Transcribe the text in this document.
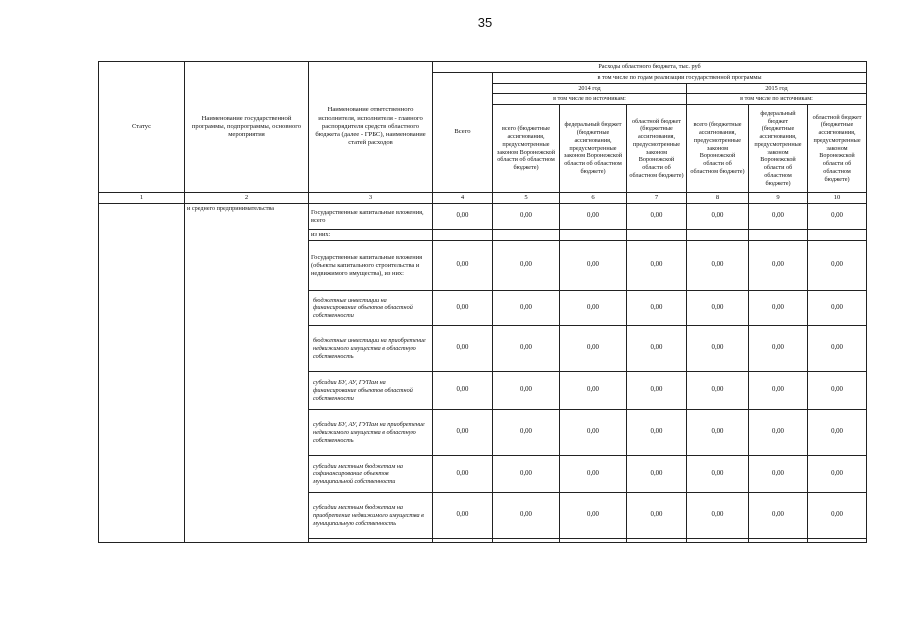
35
Статус	Наименование государственной программы, подпрограммы, основного мероприятия	Наименование ответственного исполнителя, исполнителя - главного распорядителя средств областного бюджета (далее - ГРБС), наименование статей расходов	Расходы областного бюджета, тыс. руб						
			Всего	в том числе по годам реализации государственной программы					
				2014 год			2015 год		
				в том числе по источникам:			в том числе по источникам:		
				всего (бюджетные ассигнования, предусмотренные законом Воронежской области об областном бюджете)	федеральный бюджет (бюджетные ассигнования, предусмотренные законом Воронежской области об областном бюджете)	областной бюджет (бюджетные ассигнования, предусмотренные законом Воронежской области об областном бюджете)	всего (бюджетные ассигнования, предусмотренные законом Воронежской области об областном бюджете)	федеральный бюджет (бюджетные ассигнования, предусмотренные законом Воронежской области об областном бюджете)	областной бюджет (бюджетные ассигнования, предусмотренные законом Воронежской области об областном бюджете)
1	2	3	4	5	6	7	8	9	10
	и среднего предпринимательства	Государственные капитальные вложения, всего	0,00	0,00	0,00	0,00	0,00	0,00	0,00
		из них:							
		Государственные капитальные вложения (объекты капитального строительства и недвижимого имущества), из них:	0,00	0,00	0,00	0,00	0,00	0,00	0,00
		бюджетные инвестиции на финансирование объектов областной собственности	0,00	0,00	0,00	0,00	0,00	0,00	0,00
		бюджетные инвестиции на приобретение недвижимого имущества в областную собственность	0,00	0,00	0,00	0,00	0,00	0,00	0,00
		субсидии БУ, АУ, ГУПам на финансирование объектов областной собственности	0,00	0,00	0,00	0,00	0,00	0,00	0,00
		субсидии БУ, АУ, ГУПам на приобретение недвижимого имущества в областную собственность	0,00	0,00	0,00	0,00	0,00	0,00	0,00
		субсидии местным бюджетам на софинансирование объектов муниципальной собственности	0,00	0,00	0,00	0,00	0,00	0,00	0,00
		субсидии местным бюджетам на приобретение недвижимого имущества в муниципальную собственность	0,00	0,00	0,00	0,00	0,00	0,00	0,00
